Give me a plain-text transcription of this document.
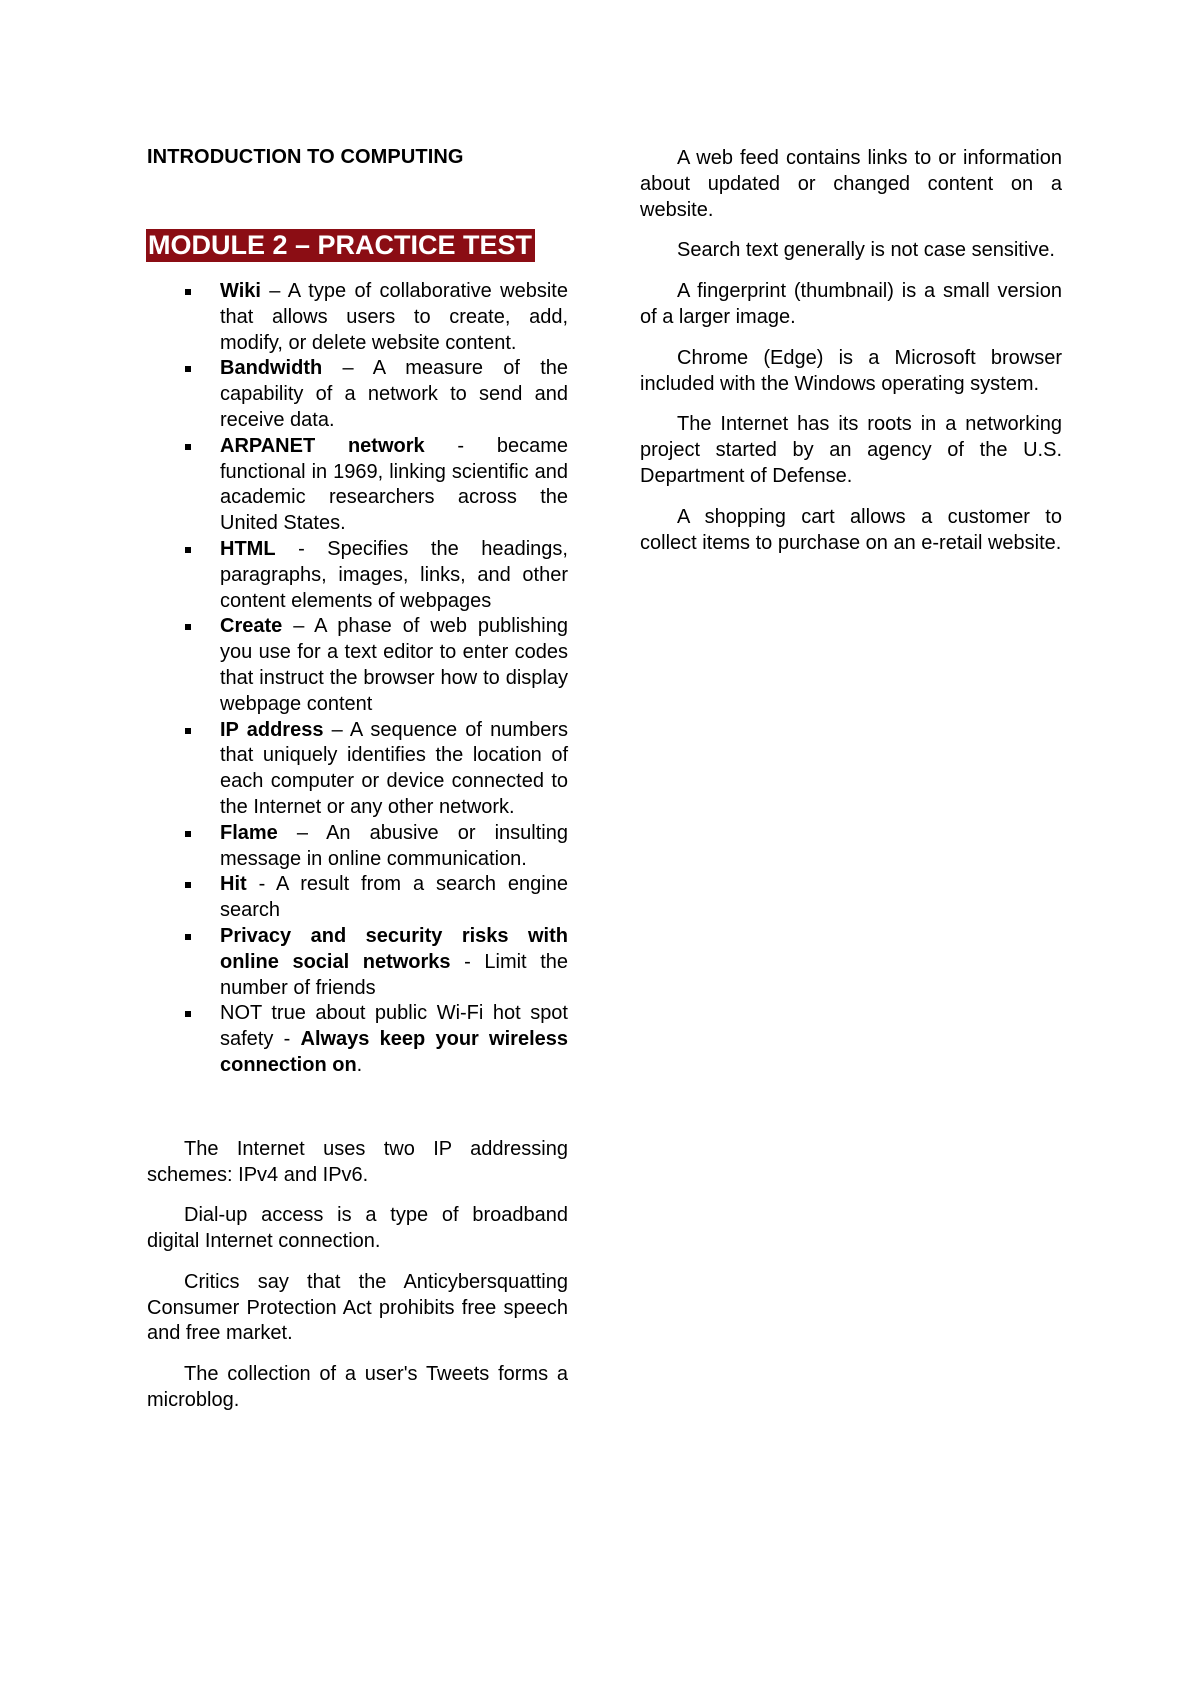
INTRODUCTION TO COMPUTING
MODULE 2 – PRACTICE TEST
Wiki – A type of collaborative website that allows users to create, add, modify, or delete website content.
Bandwidth – A measure of the capability of a network to send and receive data.
ARPANET network - became functional in 1969, linking scientific and academic researchers across the United States.
HTML - Specifies the headings, paragraphs, images, links, and other content elements of webpages
Create – A phase of web publishing you use for a text editor to enter codes that instruct the browser how to display webpage content
IP address – A sequence of numbers that uniquely identifies the location of each computer or device connected to the Internet or any other network.
Flame – An abusive or insulting message in online communication.
Hit - A result from a search engine search
Privacy and security risks with online social networks - Limit the number of friends
NOT true about public Wi-Fi hot spot safety - Always keep your wireless connection on.

The Internet uses two IP addressing schemes: IPv4 and IPv6.

Dial-up access is a type of broadband digital Internet connection.

Critics say that the Anticybersquatting Consumer Protection Act prohibits free speech and free market.

The collection of a user's Tweets forms a microblog.

A web feed contains links to or information about updated or changed content on a website.

Search text generally is not case sensitive.

A fingerprint (thumbnail) is a small version of a larger image.

Chrome (Edge) is a Microsoft browser included with the Windows operating system.

The Internet has its roots in a networking project started by an agency of the U.S. Department of Defense.

A shopping cart allows a customer to collect items to purchase on an e-retail website.
